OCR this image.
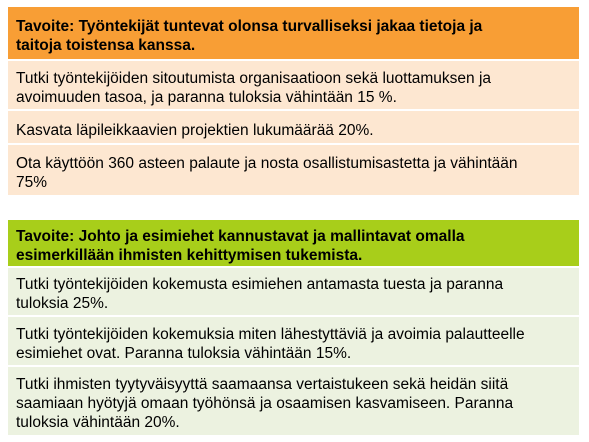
Tavoite: Työntekijät tuntevat olonsa turvalliseksi jakaa tietoja ja
taitoja toistensa kanssa.

Tutki työntekijöiden sitoutumista organisaatioon sekä luottamuksen ja
avoimuuden tasoa, ja paranna tuloksia vähintään 15 %.

Kasvata läpileikkaavien projektien lukumäärää 20%.

Ota käyttöön 360 asteen palaute ja nosta osallistumisastetta ja vähintään
75%
Tavoite: Johto ja esimiehet kannustavat ja mallintavat omalla
esimerkillään ihmisten kehittymisen tukemista.

Tutki työntekijöiden kokemusta esimiehen antamasta tuesta ja paranna
tuloksia 25%.

Tutki työntekijöiden kokemuksia miten lähestyttäviä ja avoimia palautteelle
esimiehet ovat. Paranna tuloksia vähintään 15%.

Tutki ihmisten tyytyväisyyttä saamaansa vertaistukeen sekä heidän siitä
saamiaan hyötyjä omaan työhönsä ja osaamisen kasvamiseen. Paranna
tuloksia vähintään 20%.
